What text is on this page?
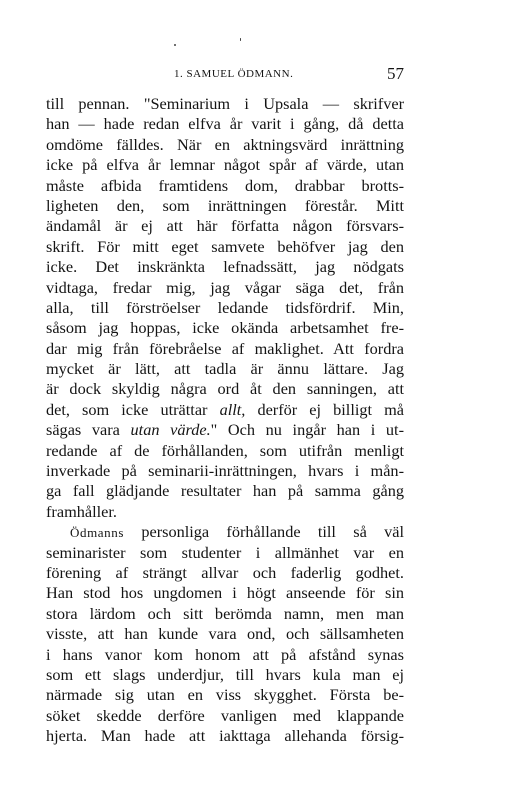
1. SAMUEL ÖDMANN.	57
till pennan. "Seminarium i Upsala — skrifver
han — hade redan elfva år varit i gång, då detta
omdöme fälldes. När en aktningsvärd inrättning
icke på elfva år lemnar något spår af värde, utan
måste afbida framtidens dom, drabbar brotts-
ligheten den, som inrättningen förestår. Mitt
ändamål är ej att här författa någon försvars-
skrift. För mitt eget samvete behöfver jag den
icke. Det inskränkta lefnadssätt, jag nödgats
vidtaga, fredar mig, jag vågar säga det, från
alla, till förströelser ledande tidsfördrif. Min,
såsom jag hoppas, icke okända arbetsamhet fre-
dar mig från förebråelse af maklighet. Att fordra
mycket är lätt, att tadla är ännu lättare. Jag
är dock skyldig några ord åt den sanningen, att
det, som icke uträttar allt, derför ej billigt må
sägas vara utan värde." Och nu ingår han i ut-
redande af de förhållanden, som utifrån menligt
inverkade på seminarii-inrättningen, hvars i mån-
ga fall glädjande resultater han på samma gång
framhåller.
Ödmanns personliga förhållande till så väl
seminarister som studenter i allmänhet var en
förening af strängt allvar och faderlig godhet.
Han stod hos ungdomen i högt anseende för sin
stora lärdom och sitt berömda namn, men man
visste, att han kunde vara ond, och sällsamheten
i hans vanor kom honom att på afstånd synas
som ett slags underdjur, till hvars kula man ej
närmade sig utan en viss skygghet. Första be-
söket skedde derföre vanligen med klappande
hjerta. Man hade att iakttaga allehanda försig-
